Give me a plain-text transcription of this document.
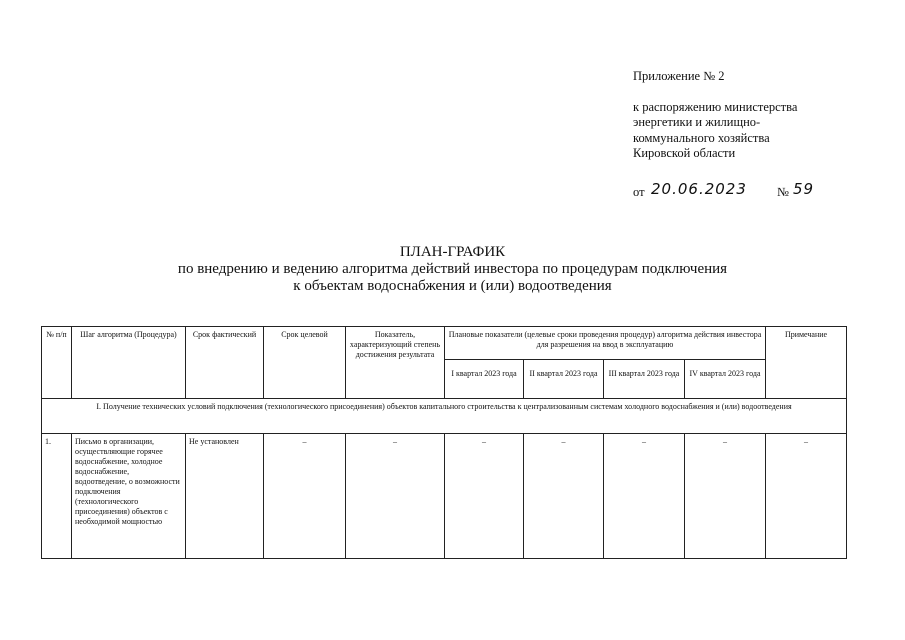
Приложение № 2
к распоряжению министерства
энергетики и жилищно-
коммунального хозяйства
Кировской области
от 20.06.2023 № 59
ПЛАН-ГРАФИК
по внедрению и ведению алгоритма действий инвестора по процедурам подключения
к объектам водоснабжения и (или) водоотведения
№ п/п	Шаг алгоритма (Процедура)	Срок фактический	Срок целевой	Показатель, характеризующий степень достижения результата	Плановые показатели (целевые сроки проведения процедур) алгоритма действия инвестора для разрешения на ввод в эксплуатацию				Примечание
					I квартал 2023 года	II квартал 2023 года	III квартал 2023 года	IV квартал 2023 года	
I. Получение технических условий подключения (технологического присоединения) объектов капитального строительства к централизованным системам холодного водоснабжения и (или) водоотведения									
1.	Письмо в организации, осуществляющие горячее водоснабжение, холодное водоснабжение, водоотведение, о возможности подключения (технологического присоединения) объектов с необходимой мощностью	Не установлен	–	–	–	–	–	–	–
